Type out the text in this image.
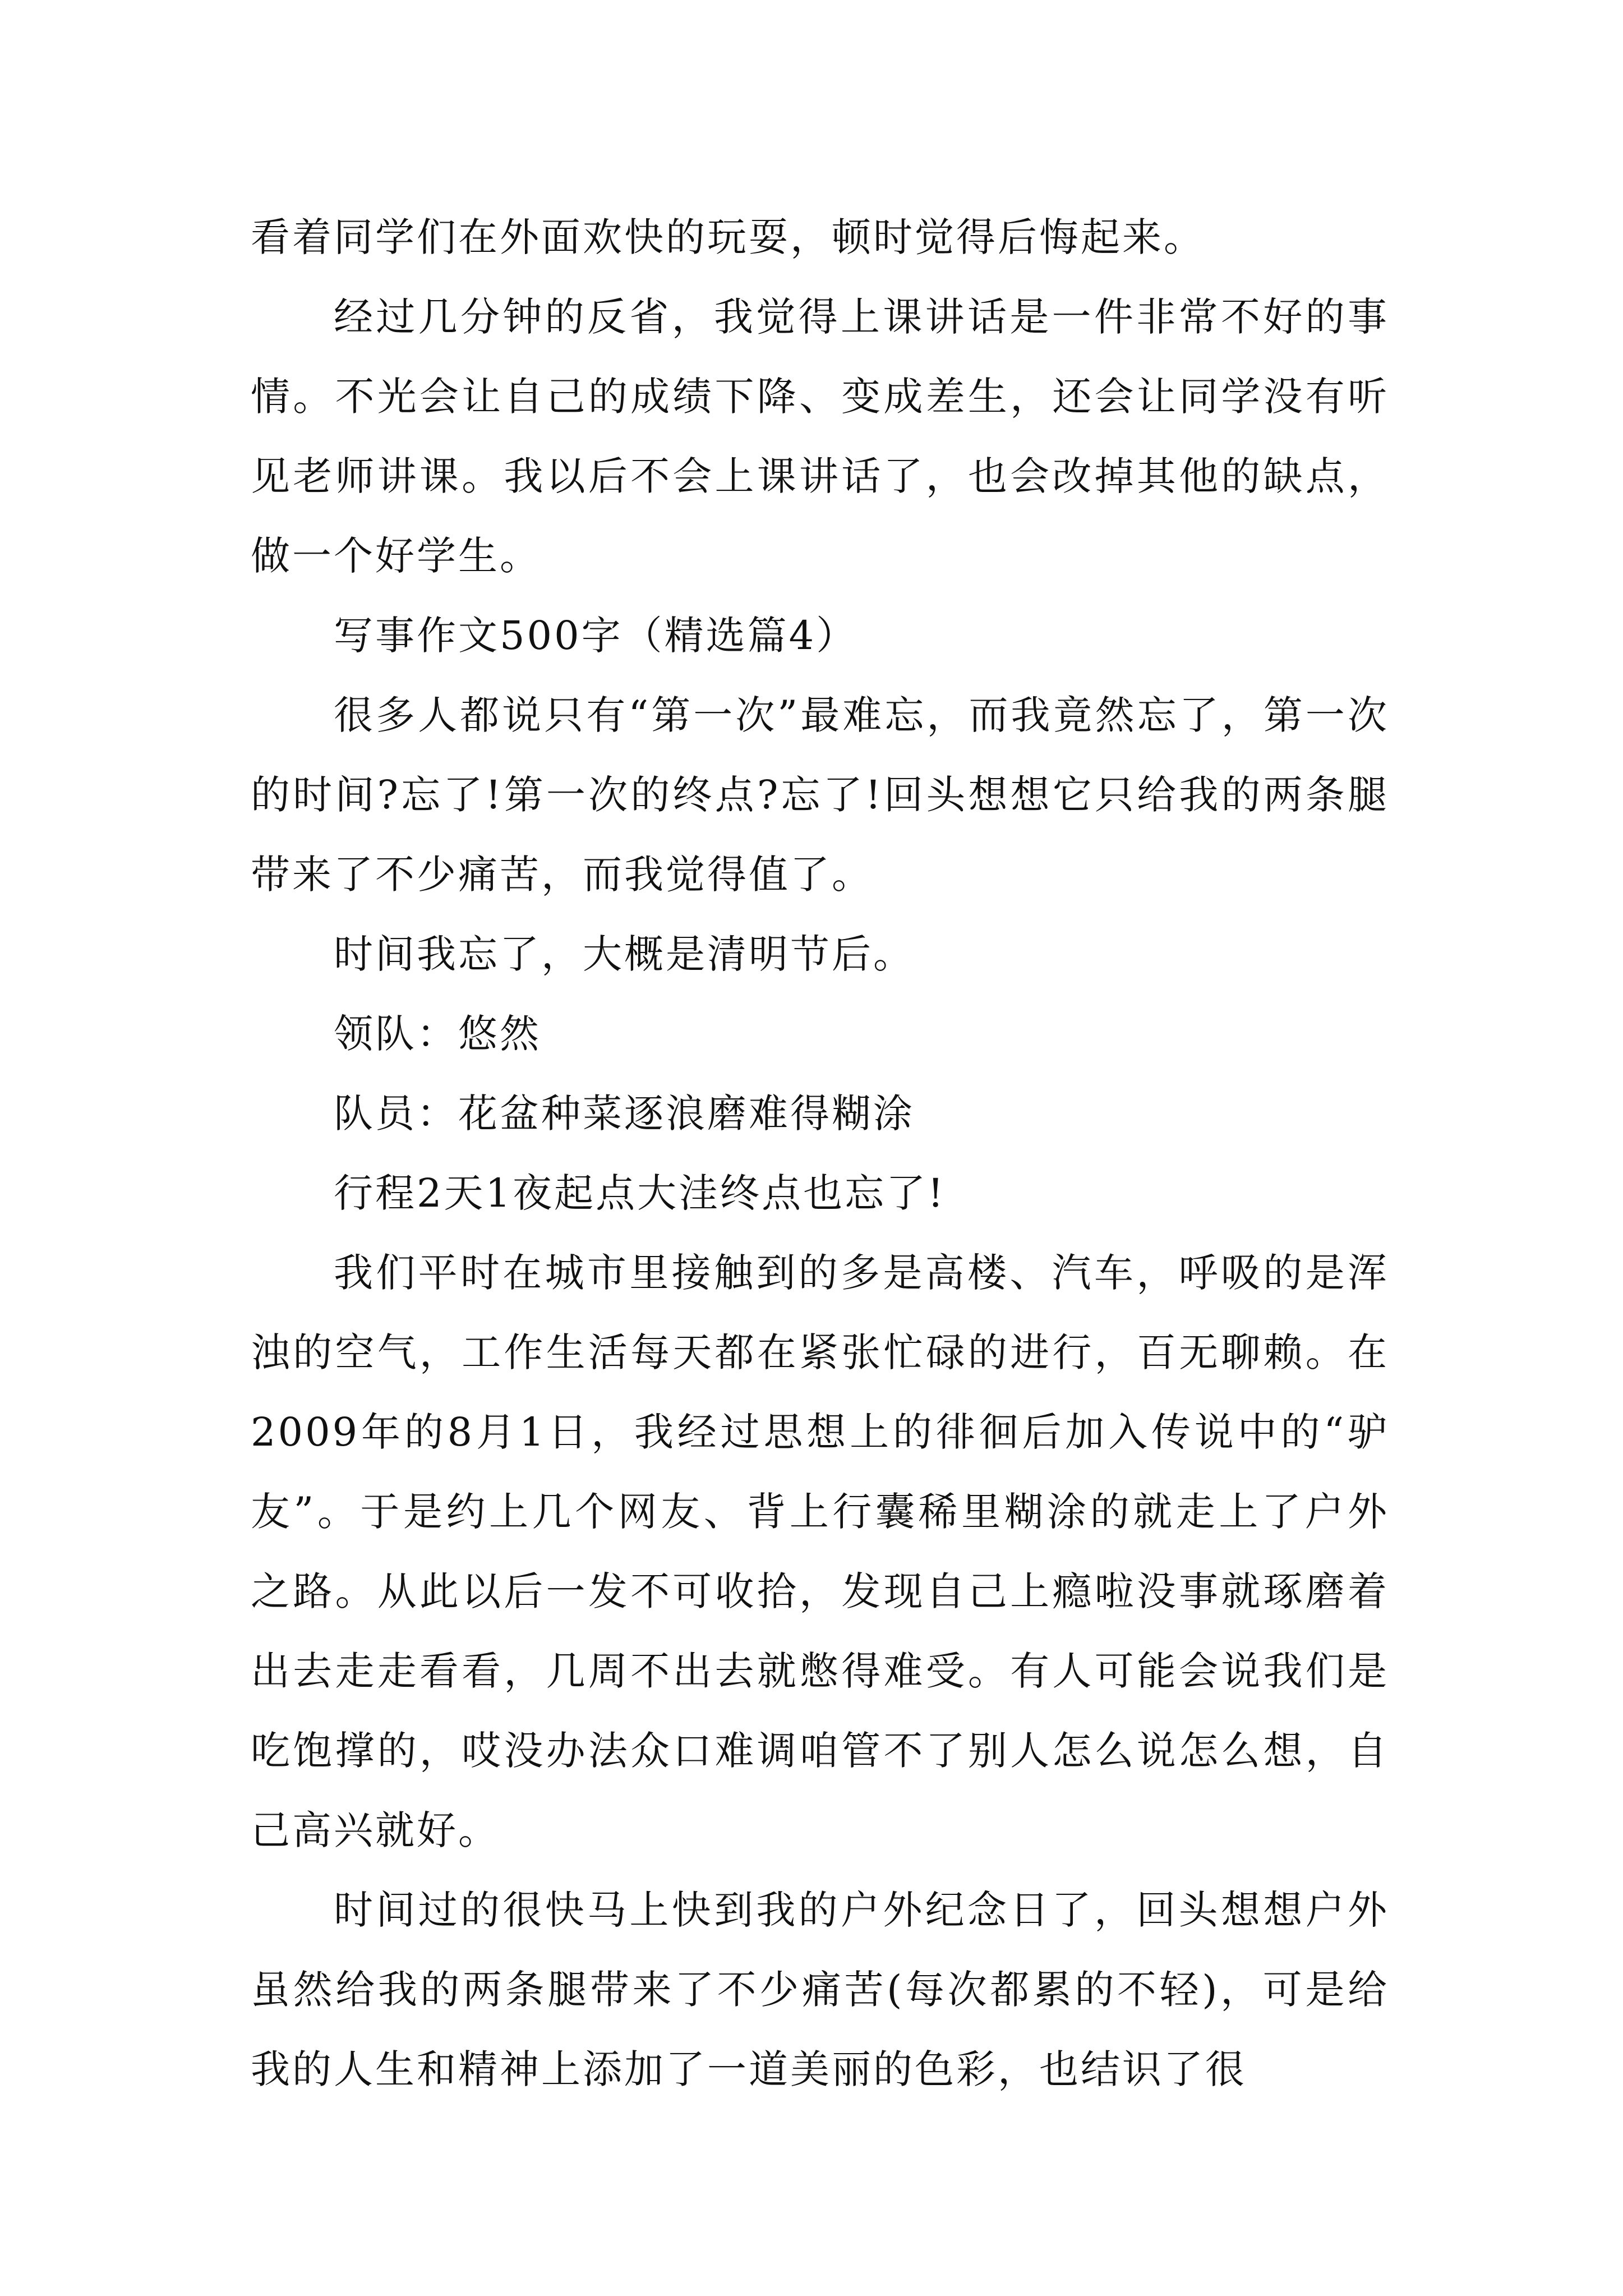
看着同学们在外面欢快的玩耍，顿时觉得后悔起来。

经过几分钟的反省，我觉得上课讲话是一件非常不好的事情。不光会让自己的成绩下降、变成差生，还会让同学没有听见老师讲课。我以后不会上课讲话了，也会改掉其他的缺点，做一个好学生。

写事作文500字（精选篇4）

很多人都说只有“第一次”最难忘，而我竟然忘了，第一次的时间?忘了!第一次的终点?忘了!回头想想它只给我的两条腿带来了不少痛苦，而我觉得值了。

时间我忘了，大概是清明节后。

领队：悠然

队员：花盆种菜逐浪磨难得糊涂

行程2天1夜起点大洼终点也忘了!

我们平时在城市里接触到的多是高楼、汽车，呼吸的是浑浊的空气，工作生活每天都在紧张忙碌的进行，百无聊赖。在2009年的8月1日，我经过思想上的徘徊后加入传说中的“驴友”。于是约上几个网友、背上行囊稀里糊涂的就走上了户外之路。从此以后一发不可收拾，发现自己上瘾啦没事就琢磨着出去走走看看，几周不出去就憋得难受。有人可能会说我们是吃饱撑的，哎没办法众口难调咱管不了别人怎么说怎么想，自己高兴就好。

时间过的很快马上快到我的户外纪念日了，回头想想户外虽然给我的两条腿带来了不少痛苦(每次都累的不轻)，可是给我的人生和精神上添加了一道美丽的色彩，也结识了很
